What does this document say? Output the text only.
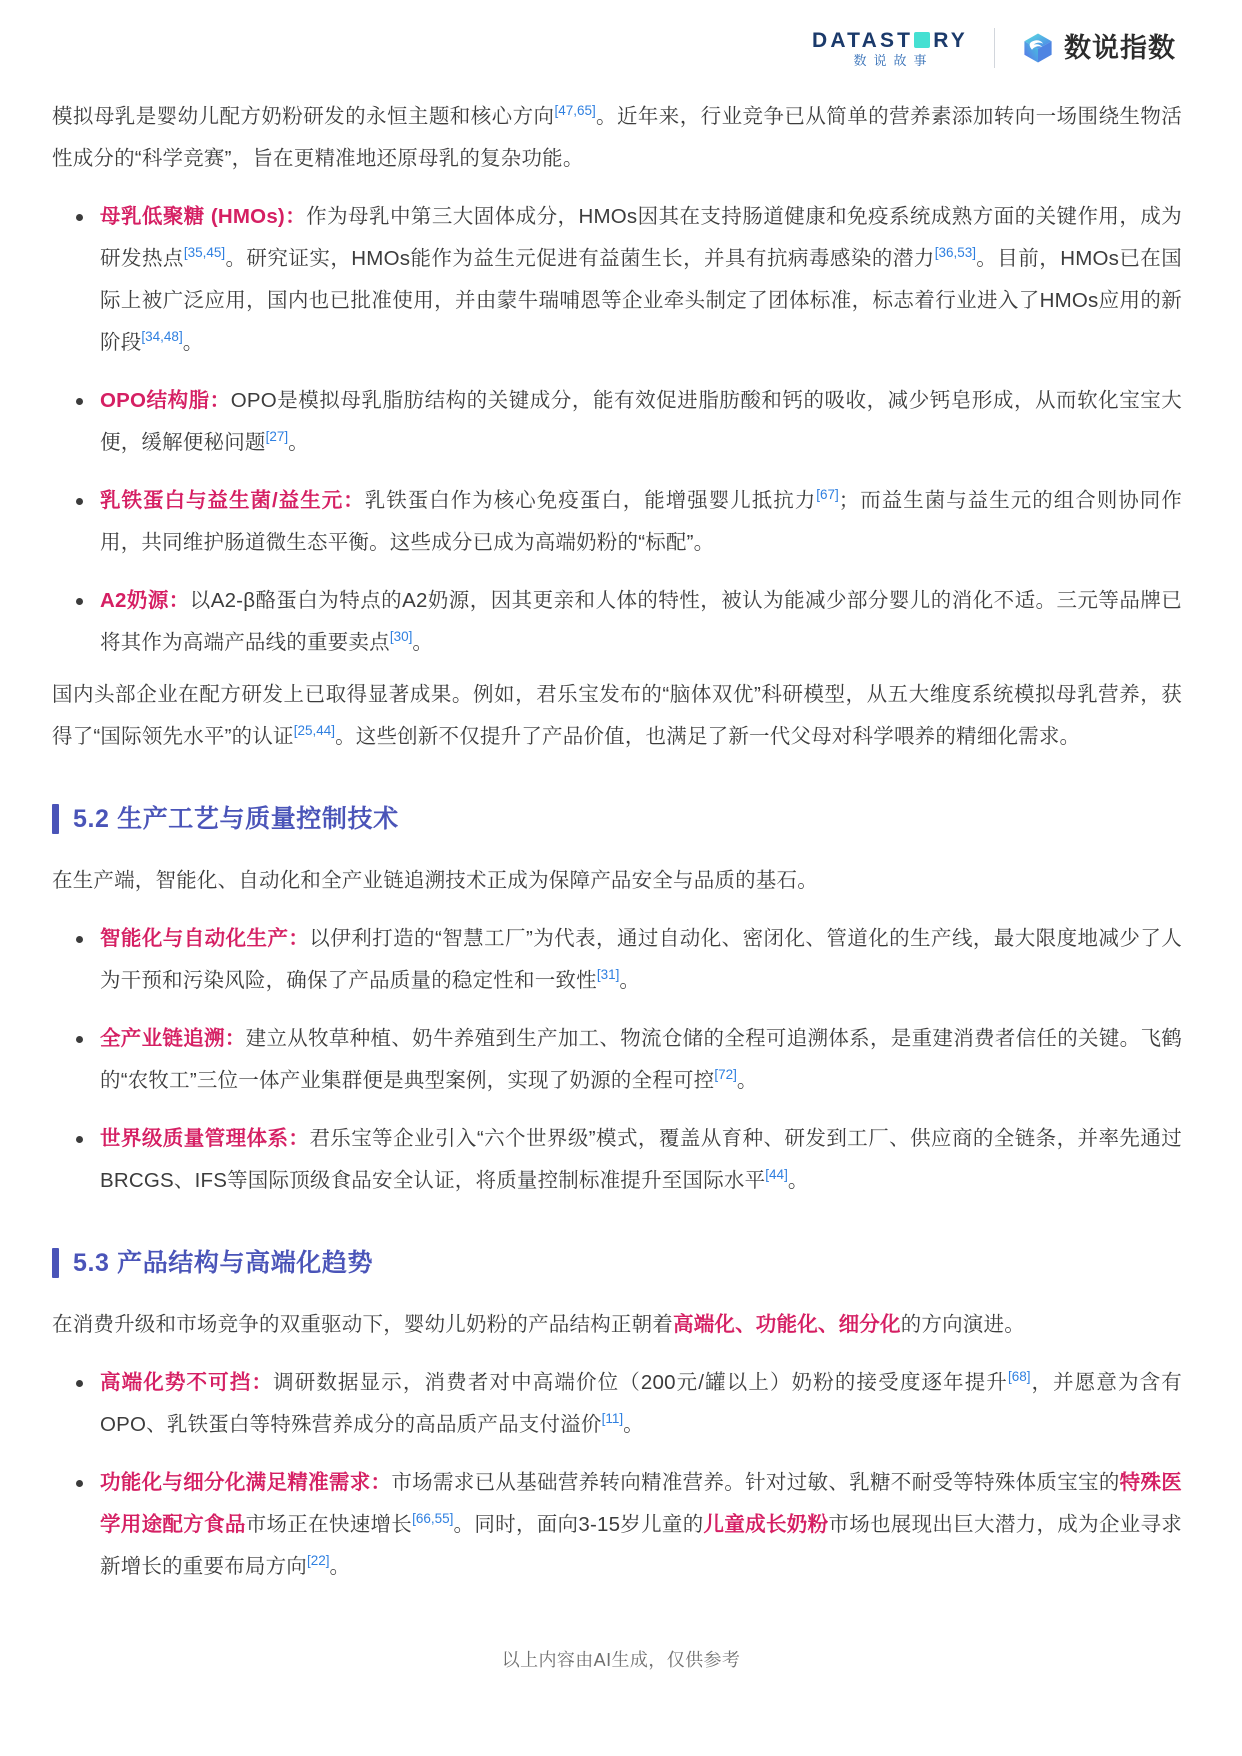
DATAST RY
数说故事	数说指数

模拟母乳是婴幼儿配方奶粉研发的永恒主题和核心方向[47,65]。近年来，行业竞争已从简单的营养素添加转向一场围绕生物活性成分的“科学竞赛”，旨在更精准地还原母乳的复杂功能。

母乳低聚糖 (HMOs)：作为母乳中第三大固体成分，HMOs因其在支持肠道健康和免疫系统成熟方面的关键作用，成为研发热点[35,45]。研究证实，HMOs能作为益生元促进有益菌生长，并具有抗病毒感染的潜力[36,53]。目前，HMOs已在国际上被广泛应用，国内也已批准使用，并由蒙牛瑞哺恩等企业牵头制定了团体标准，标志着行业进入了HMOs应用的新阶段[34,48]。
OPO结构脂：OPO是模拟母乳脂肪结构的关键成分，能有效促进脂肪酸和钙的吸收，减少钙皂形成，从而软化宝宝大便，缓解便秘问题[27]。
乳铁蛋白与益生菌/益生元：乳铁蛋白作为核心免疫蛋白，能增强婴儿抵抗力[67]；而益生菌与益生元的组合则协同作用，共同维护肠道微生态平衡。这些成分已成为高端奶粉的“标配”。
A2奶源：以A2-β酪蛋白为特点的A2奶源，因其更亲和人体的特性，被认为能减少部分婴儿的消化不适。三元等品牌已将其作为高端产品线的重要卖点[30]。

国内头部企业在配方研发上已取得显著成果。例如，君乐宝发布的“脑体双优”科研模型，从五大维度系统模拟母乳营养，获得了“国际领先水平”的认证[25,44]。这些创新不仅提升了产品价值，也满足了新一代父母对科学喂养的精细化需求。

5.2 生产工艺与质量控制技术

在生产端，智能化、自动化和全产业链追溯技术正成为保障产品安全与品质的基石。

智能化与自动化生产：以伊利打造的“智慧工厂”为代表，通过自动化、密闭化、管道化的生产线，最大限度地减少了人为干预和污染风险，确保了产品质量的稳定性和一致性[31]。
全产业链追溯：建立从牧草种植、奶牛养殖到生产加工、物流仓储的全程可追溯体系，是重建消费者信任的关键。飞鹤的“农牧工”三位一体产业集群便是典型案例，实现了奶源的全程可控[72]。
世界级质量管理体系：君乐宝等企业引入“六个世界级”模式，覆盖从育种、研发到工厂、供应商的全链条，并率先通过BRCGS、IFS等国际顶级食品安全认证，将质量控制标准提升至国际水平[44]。
5.3 产品结构与高端化趋势

在消费升级和市场竞争的双重驱动下，婴幼儿奶粉的产品结构正朝着高端化、功能化、细分化的方向演进。

高端化势不可挡：调研数据显示，消费者对中高端价位（200元/罐以上）奶粉的接受度逐年提升[68]，并愿意为含有OPO、乳铁蛋白等特殊营养成分的高品质产品支付溢价[11]。
功能化与细分化满足精准需求：市场需求已从基础营养转向精准营养。针对过敏、乳糖不耐受等特殊体质宝宝的特殊医学用途配方食品市场正在快速增长[66,55]。同时，面向3-15岁儿童的儿童成长奶粉市场也展现出巨大潜力，成为企业寻求新增长的重要布局方向[22]。
以上内容由AI生成，仅供参考
